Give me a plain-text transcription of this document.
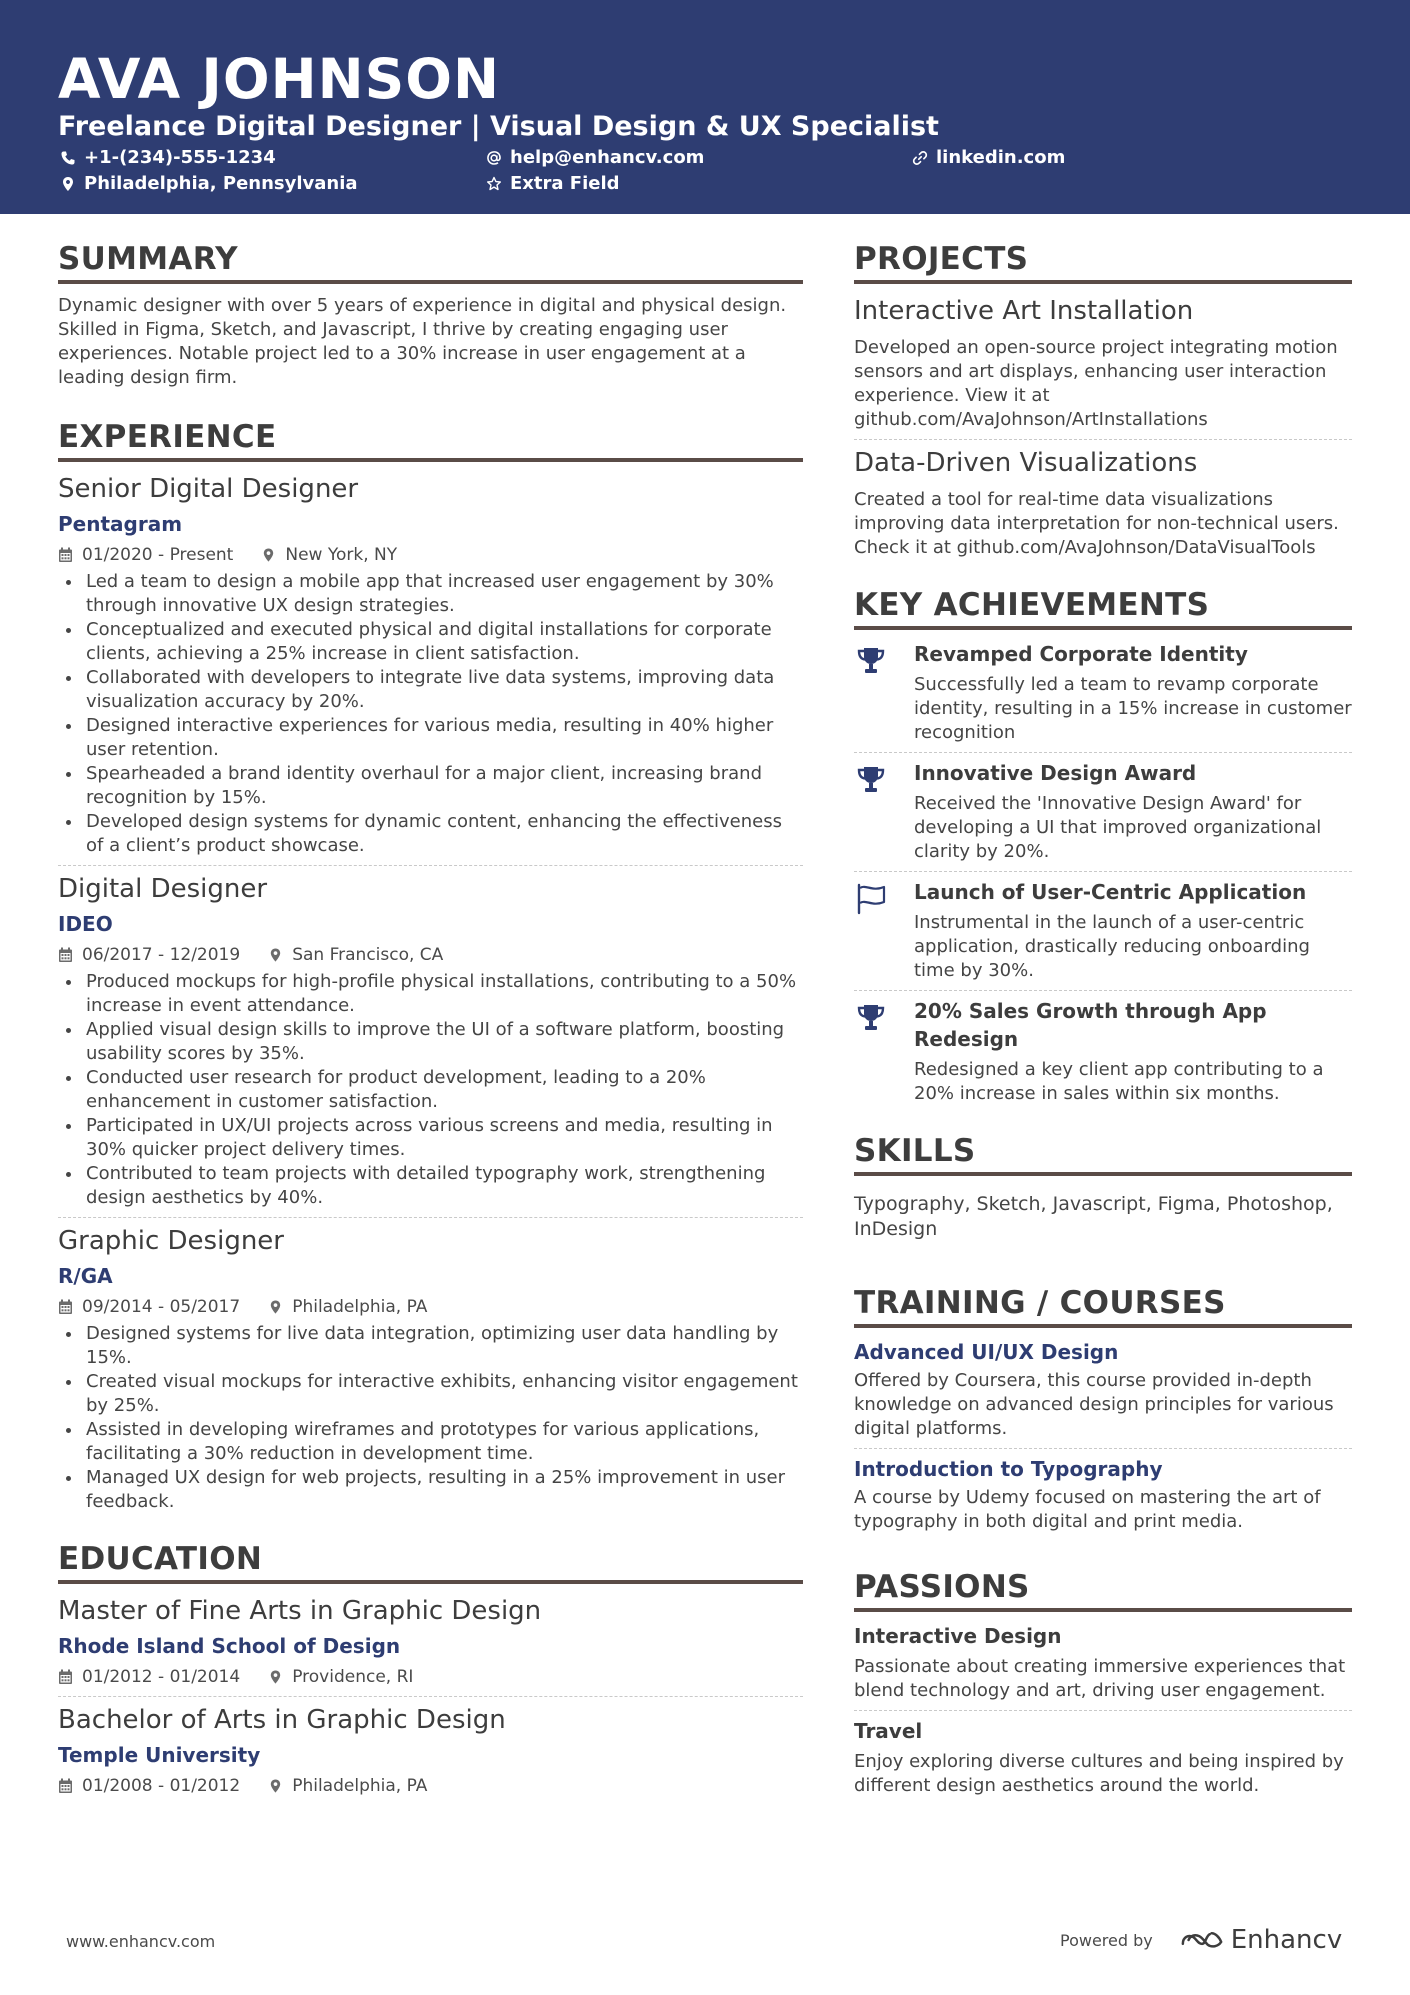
AVA JOHNSON
Freelance Digital Designer | Visual Design & UX Specialist
+1-(234)-555-1234	help@enhancv.com	linkedin.com
Philadelphia, Pennsylvania	Extra Field
SUMMARY
Dynamic designer with over 5 years of experience in digital and physical design. Skilled in Figma, Sketch, and Javascript, I thrive by creating engaging user experiences. Notable project led to a 30% increase in user engagement at a leading design firm.
EXPERIENCE
Senior Digital Designer
Pentagram
01/2020 - Present	New York, NY
Led a team to design a mobile app that increased user engagement by 30% through innovative UX design strategies.
Conceptualized and executed physical and digital installations for corporate clients, achieving a 25% increase in client satisfaction.
Collaborated with developers to integrate live data systems, improving data visualization accuracy by 20%.
Designed interactive experiences for various media, resulting in 40% higher user retention.
Spearheaded a brand identity overhaul for a major client, increasing brand recognition by 15%.
Developed design systems for dynamic content, enhancing the effectiveness of a client’s product showcase.
Digital Designer
IDEO
06/2017 - 12/2019	San Francisco, CA
Produced mockups for high-profile physical installations, contributing to a 50% increase in event attendance.
Applied visual design skills to improve the UI of a software platform, boosting usability scores by 35%.
Conducted user research for product development, leading to a 20% enhancement in customer satisfaction.
Participated in UX/UI projects across various screens and media, resulting in 30% quicker project delivery times.
Contributed to team projects with detailed typography work, strengthening design aesthetics by 40%.
Graphic Designer
R/GA
09/2014 - 05/2017	Philadelphia, PA
Designed systems for live data integration, optimizing user data handling by 15%.
Created visual mockups for interactive exhibits, enhancing visitor engagement by 25%.
Assisted in developing wireframes and prototypes for various applications, facilitating a 30% reduction in development time.
Managed UX design for web projects, resulting in a 25% improvement in user feedback.
EDUCATION
Master of Fine Arts in Graphic Design
Rhode Island School of Design
01/2012 - 01/2014	Providence, RI
Bachelor of Arts in Graphic Design
Temple University
01/2008 - 01/2012	Philadelphia, PA
PROJECTS
Interactive Art Installation
Developed an open-source project integrating motion sensors and art displays, enhancing user interaction experience. View it at github.com/AvaJohnson/ArtInstallations
Data-Driven Visualizations
Created a tool for real-time data visualizations improving data interpretation for non-technical users. Check it at github.com/AvaJohnson/DataVisualTools
KEY ACHIEVEMENTS
Revamped Corporate Identity
Successfully led a team to revamp corporate identity, resulting in a 15% increase in customer recognition
Innovative Design Award
Received the 'Innovative Design Award' for developing a UI that improved organizational clarity by 20%.
Launch of User-Centric Application
Instrumental in the launch of a user-centric application, drastically reducing onboarding time by 30%.
20% Sales Growth through App Redesign
Redesigned a key client app contributing to a 20% increase in sales within six months.
SKILLS
Typography, Sketch, Javascript, Figma, Photoshop, InDesign
TRAINING / COURSES
Advanced UI/UX Design
Offered by Coursera, this course provided in-depth knowledge on advanced design principles for various digital platforms.
Introduction to Typography
A course by Udemy focused on mastering the art of typography in both digital and print media.
PASSIONS
Interactive Design
Passionate about creating immersive experiences that blend technology and art, driving user engagement.
Travel
Enjoy exploring diverse cultures and being inspired by different design aesthetics around the world.
www.enhancv.com	Powered by	Enhancv
